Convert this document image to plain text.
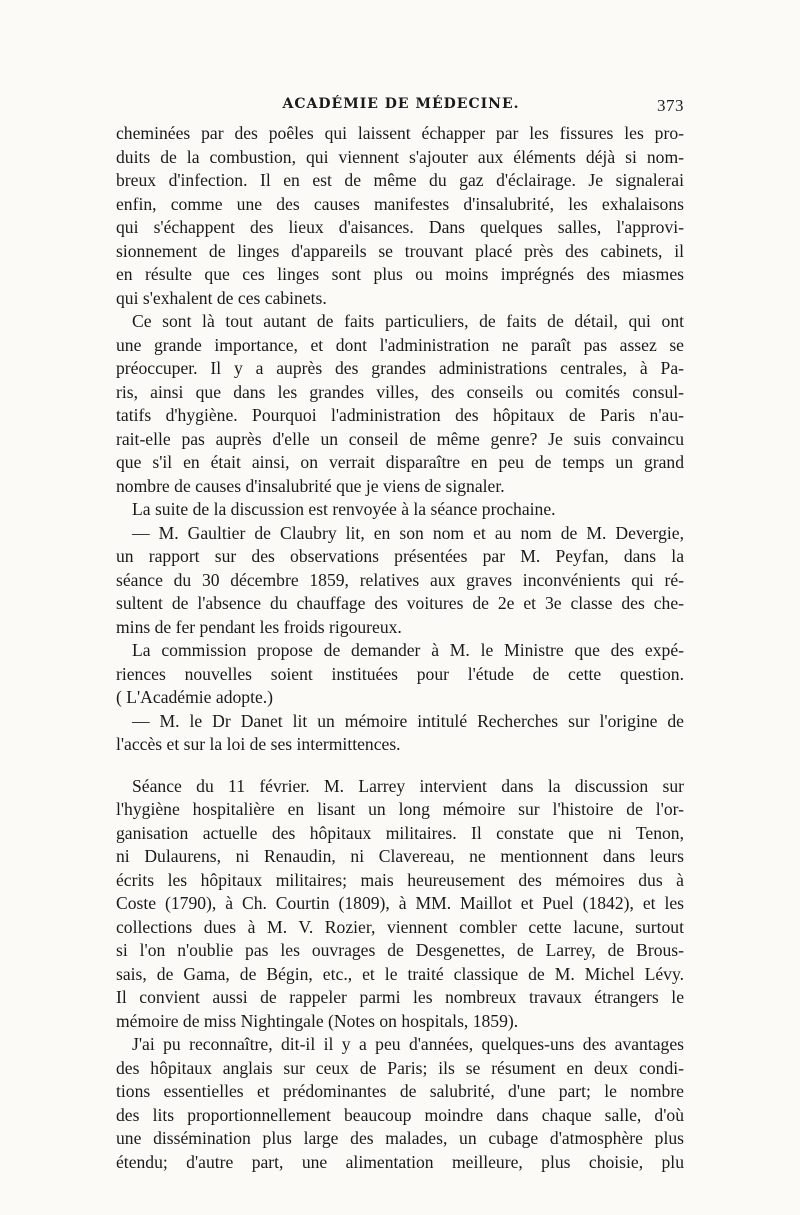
ACADÉMIE DE MÉDECINE.	373
cheminées par des poêles qui laissent échapper par les fissures les pro-
duits de la combustion, qui viennent s'ajouter aux éléments déjà si nom-
breux d'infection. Il en est de même du gaz d'éclairage. Je signalerai
enfin, comme une des causes manifestes d'insalubrité, les exhalaisons
qui s'échappent des lieux d'aisances. Dans quelques salles, l'approvi-
sionnement de linges d'appareils se trouvant placé près des cabinets, il
en résulte que ces linges sont plus ou moins imprégnés des miasmes
qui s'exhalent de ces cabinets.
Ce sont là tout autant de faits particuliers, de faits de détail, qui ont
une grande importance, et dont l'administration ne paraît pas assez se
préoccuper. Il y a auprès des grandes administrations centrales, à Pa-
ris, ainsi que dans les grandes villes, des conseils ou comités consul-
tatifs d'hygiène. Pourquoi l'administration des hôpitaux de Paris n'au-
rait-elle pas auprès d'elle un conseil de même genre? Je suis convaincu
que s'il en était ainsi, on verrait disparaître en peu de temps un grand
nombre de causes d'insalubrité que je viens de signaler.
La suite de la discussion est renvoyée à la séance prochaine.
— M. Gaultier de Claubry lit, en son nom et au nom de M. Devergie,
un rapport sur des observations présentées par M. Peyfan, dans la
séance du 30 décembre 1859, relatives aux graves inconvénients qui ré-
sultent de l'absence du chauffage des voitures de 2e et 3e classe des che-
mins de fer pendant les froids rigoureux.
La commission propose de demander à M. le Ministre que des expé-
riences nouvelles soient instituées pour l'étude de cette question.
( L'Académie adopte.)
— M. le Dr Danet lit un mémoire intitulé Recherches sur l'origine de
l'accès et sur la loi de ses intermittences.
Séance du 11 février. M. Larrey intervient dans la discussion sur
l'hygiène hospitalière en lisant un long mémoire sur l'histoire de l'or-
ganisation actuelle des hôpitaux militaires. Il constate que ni Tenon,
ni Dulaurens, ni Renaudin, ni Clavereau, ne mentionnent dans leurs
écrits les hôpitaux militaires; mais heureusement des mémoires dus à
Coste (1790), à Ch. Courtin (1809), à MM. Maillot et Puel (1842), et les
collections dues à M. V. Rozier, viennent combler cette lacune, surtout
si l'on n'oublie pas les ouvrages de Desgenettes, de Larrey, de Brous-
sais, de Gama, de Bégin, etc., et le traité classique de M. Michel Lévy.
Il convient aussi de rappeler parmi les nombreux travaux étrangers le
mémoire de miss Nightingale (Notes on hospitals, 1859).
J'ai pu reconnaître, dit-il il y a peu d'années, quelques-uns des avantages
des hôpitaux anglais sur ceux de Paris; ils se résument en deux condi-
tions essentielles et prédominantes de salubrité, d'une part; le nombre
des lits proportionnellement beaucoup moindre dans chaque salle, d'où
une dissémination plus large des malades, un cubage d'atmosphère plus
étendu; d'autre part, une alimentation meilleure, plus choisie, plu
